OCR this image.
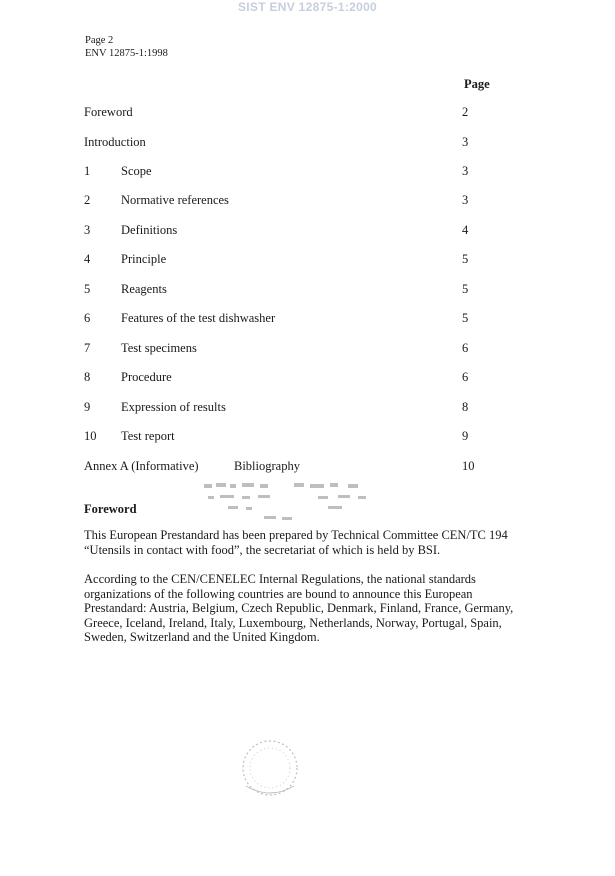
SIST ENV 12875-1:2000
Page 2
ENV 12875-1:1998
Page
Foreword	2
Introduction	3
1 Scope	3
2 Normative references	3
3 Definitions	4
4 Principle	5
5 Reagents	5
6 Features of the test dishwasher	5
7 Test specimens	6
8 Procedure	6
9 Expression of results	8
10 Test report	9
Annex A (Informative)	Bibliography	10
Foreword

This European Prestandard has been prepared by Technical Committee CEN/TC 194 “Utensils in contact with food”, the secretariat of which is held by BSI.

According to the CEN/CENELEC Internal Regulations, the national standards organizations of the following countries are bound to announce this European Prestandard: Austria, Belgium, Czech Republic, Denmark, Finland, France, Germany, Greece, Iceland, Ireland, Italy, Luxembourg, Netherlands, Norway, Portugal, Spain, Sweden, Switzerland and the United Kingdom.
